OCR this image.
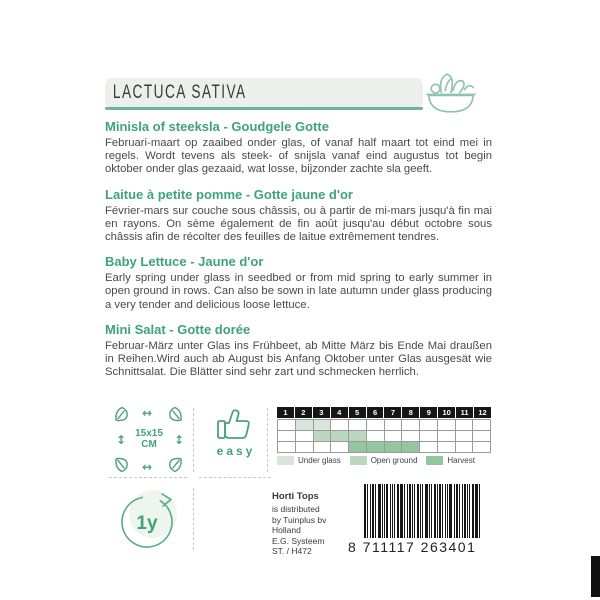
LACTUCA SATIVA
Minisla of steeksla - Goudgele Gotte

Februari-maart op zaaibed onder glas, of vanaf half maart tot eind mei in regels. Wordt tevens als steek- of snijsla vanaf eind augustus tot begin oktober onder glas gezaaid, wat losse, bijzonder zachte sla geeft.

Laitue à petite pomme - Gotte jaune d'or

Février-mars sur couche sous châssis, ou à partir de mi-mars jusqu'à fin mai en rayons. On sème également de fin août jusqu'au début octobre sous châssis afin de récolter des feuilles de laitue extrêmement tendres.

Baby Lettuce - Jaune d'or

Early spring under glass in seedbed or from mid spring to early summer in open ground in rows. Can also be sown in late autumn under glass producing a very tender and delicious loose lettuce.

Mini Salat - Gotte dorée

Februar-März unter Glas ins Frühbeet, ab Mitte März bis Ende Mai draußen in Reihen.Wird auch ab August bis Anfang Oktober unter Glas ausgesät wie Schnittsalat. Die Blätter sind sehr zart und schmecken herrlich.

↔
↔
↕	↕
15x15
CM	easy
1y
1	2	3	4	5	6	7	8	9	10	11	12
Under glass	Open ground	Harvest
Horti Tops
is distributed
by Tuinplus bv
Holland
E.G. Systeem
ST. / H472	8 711117 263401
